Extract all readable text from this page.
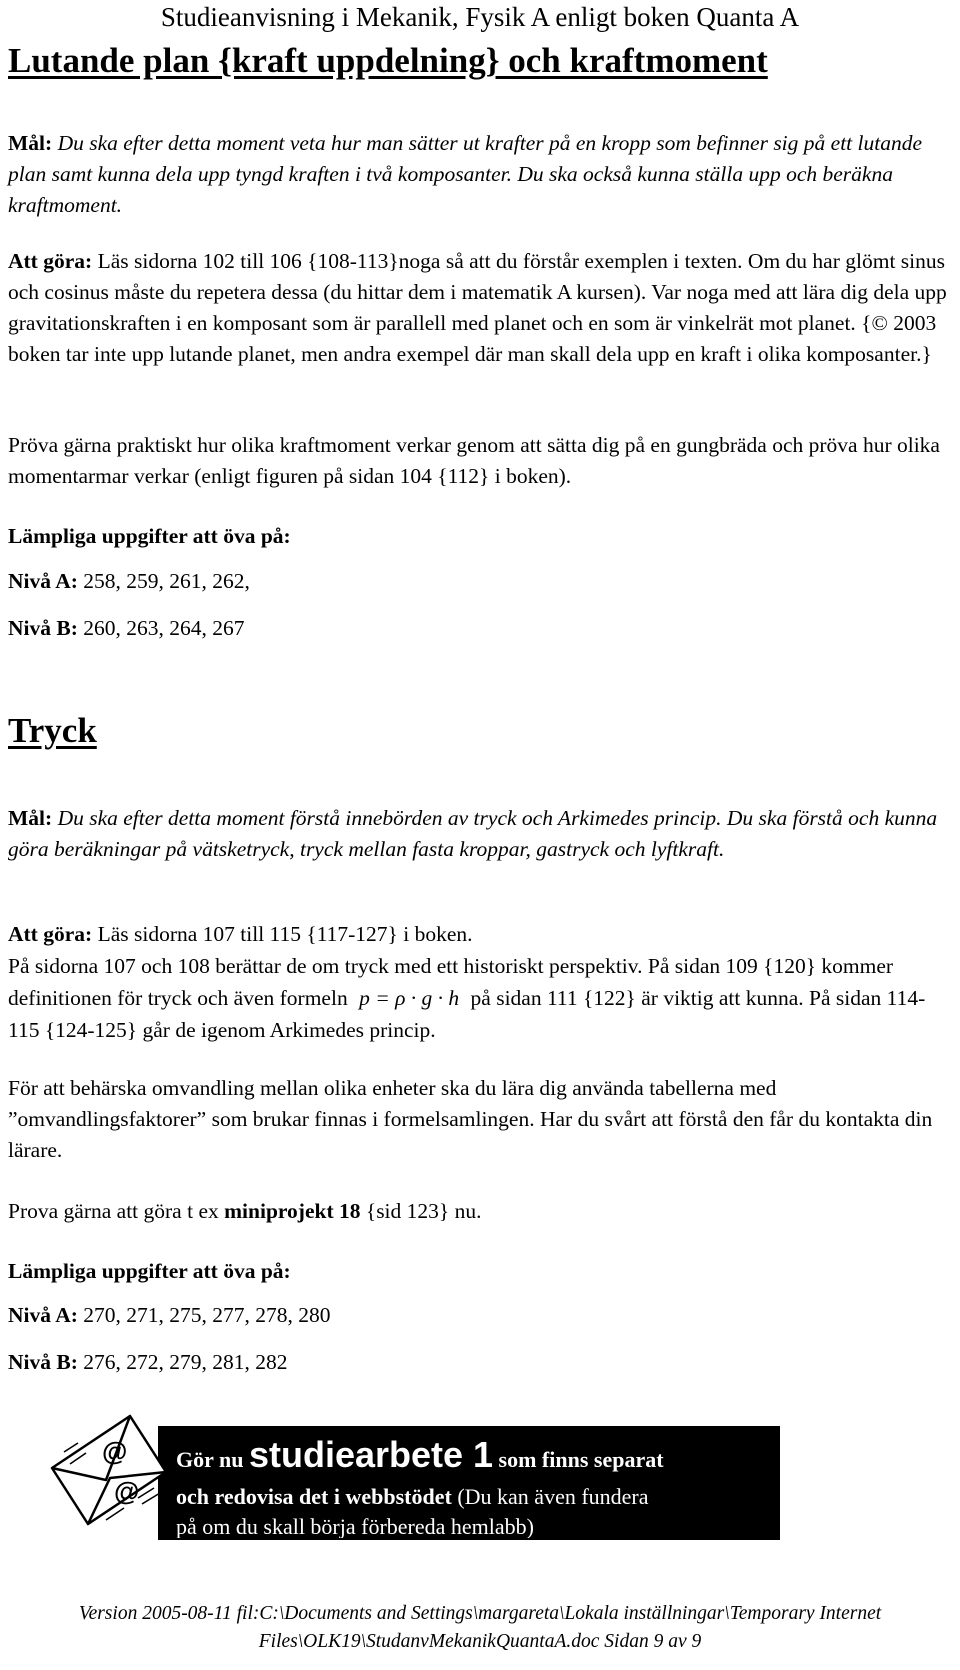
Studieanvisning i Mekanik, Fysik A enligt boken Quanta A
Lutande plan {kraft uppdelning} och kraftmoment
Mål: Du ska efter detta moment veta hur man sätter ut krafter på en kropp som befinner sig på ett lutande plan samt kunna dela upp tyngd kraften i två komposanter. Du ska också kunna ställa upp och beräkna kraftmoment.
Att göra: Läs sidorna 102 till 106 {108-113}noga så att du förstår exemplen i texten. Om du har glömt sinus och cosinus måste du repetera dessa (du hittar dem i matematik A kursen). Var noga med att lära dig dela upp gravitationskraften i en komposant som är parallell med planet och en som är vinkelrät mot planet. {© 2003 boken tar inte upp lutande planet, men andra exempel där man skall dela upp en kraft i olika komposanter.}
Pröva gärna praktiskt hur olika kraftmoment verkar genom att sätta dig på en gungbräda och pröva hur olika momentarmar verkar (enligt figuren på sidan 104 {112} i boken).
Lämpliga uppgifter att öva på:
Nivå A: 258, 259, 261, 262,
Nivå B: 260, 263, 264, 267
Tryck
Mål: Du ska efter detta moment förstå innebörden av tryck och Arkimedes princip. Du ska förstå och kunna göra beräkningar på vätsketryck, tryck mellan fasta kroppar, gastryck och lyftkraft.
Att göra: Läs sidorna 107 till 115 {117-127} i boken.
På sidorna 107 och 108 berättar de om tryck med ett historiskt perspektiv. På sidan 109 {120} kommer definitionen för tryck och även formeln p = ρ · g · h på sidan 111 {122} är viktig att kunna. På sidan 114-115 {124-125} går de igenom Arkimedes princip.
För att behärska omvandling mellan olika enheter ska du lära dig använda tabellerna med ”omvandlingsfaktorer” som brukar finnas i formelsamlingen. Har du svårt att förstå den får du kontakta din lärare.
Prova gärna att göra t ex miniprojekt 18 {sid 123} nu.
Lämpliga uppgifter att öva på:
Nivå A: 270, 271, 275, 277, 278, 280
Nivå B: 276, 272, 279, 281, 282
Gör nu studiearbete 1 som finns separat
och redovisa det i webbstödet (Du kan även fundera
på om du skall börja förbereda hemlabb)
@
@
Version 2005-08-11 fil:C:\Documents and Settings\margareta\Lokala inställningar\Temporary Internet
Files\OLK19\StudanvMekanikQuantaA.doc Sidan 9 av 9
